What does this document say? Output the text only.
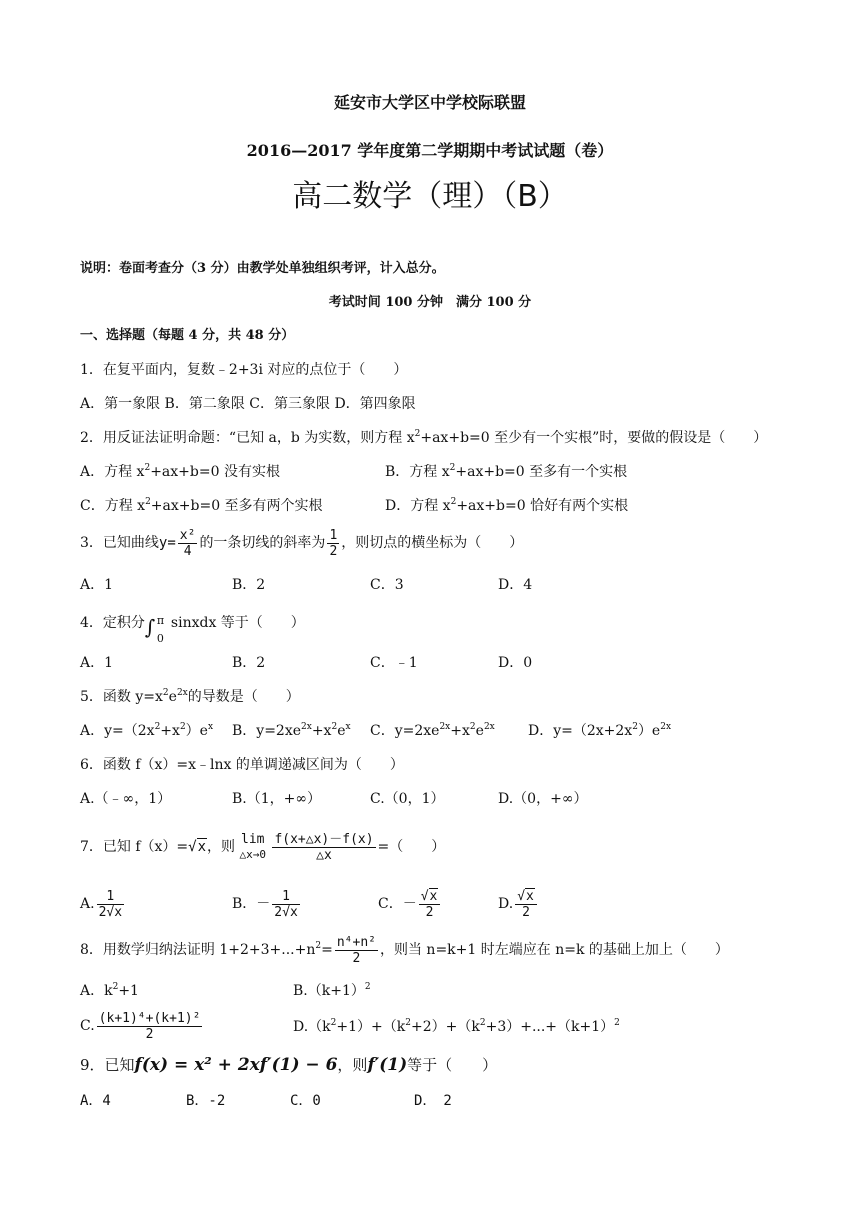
延安市大学区中学校际联盟
2016—2017 学年度第二学期期中考试试题（卷）
高二数学（理）（B）
说明：卷面考查分（3 分）由教学处单独组织考评，计入总分。
考试时间 100 分钟　满分 100 分
一、选择题（每题 4 分，共 48 分）
1．在复平面内，复数﹣2+3i 对应的点位于（　　）
A．第一象限 B．第二象限 C．第三象限 D．第四象限
2．用反证法证明命题：“已知 a，b 为实数，则方程 $x^2+ax+b=0$ 至少有一个实根”时，要做的假设是（　　）
A．方程 $x^2+ax+b=0$ 没有实根	B．方程 $x^2+ax+b=0$ 至多有一个实根
C．方程 $x^2+ax+b=0$ 至多有两个实根	D．方程 $x^2+ax+b=0$ 恰好有两个实根
3．已知曲线$y= \frac{\text{x²}}{4}$ 的一条切线的斜率为 $\frac{1}{2}$ ，则切点的横坐标为（　　）
A．1	B．2	C．3	D．4
4．定积分 ∫ π
0
sinxdx 等于（　　）
A．1	B．2	C．﹣1	D．0
5．函数 $y=x^2e^{2x}$的导数是（　　）
A．$y=(2x^2+x^2)e^x$ B．$y=2xe^{2x}+x^2e^x$ C．$y=2xe^{2x}+x^2e^{2x}$ D．$y=(2x+2x^2)e^{2x}$
6．函数 f（x）=x﹣lnx 的单调递减区间为（　　）
A.（﹣∞，1）	B.（1，+∞）	C.（0，1）	D.（0，+∞）
7．已知 f（x）=√x，则 lim
△x→0
$\frac{f(x+\triangle x)-f(x)}{\triangle x}$ =（　　）
A. $\frac{1}{2√x}$	B．－ $\frac{1}{2√x}$	C．－ $\frac{√x}{2}$	D. $\frac{√x}{2}$
8．用数学归纳法证明 $1+2+3+...+n^2= \frac{\text{n⁴+n²}}{2}$ ，则当 n=k+1 时左端应在 n=k 的基础上加上（　　）
A．$k^2+1$	$B.(k+1)^2$
C. $\frac{\text{(k+1)⁴+(k+1)²}}{2}$	$D.(k^2+1)+(k^2+2)+(k^2+3)+...+(k+1)^2$
9．已知f(x) = x² + 2xf′(1) − 6，则f′(1)等于（　　）
A．4	B．-2	C．0	D．　2
